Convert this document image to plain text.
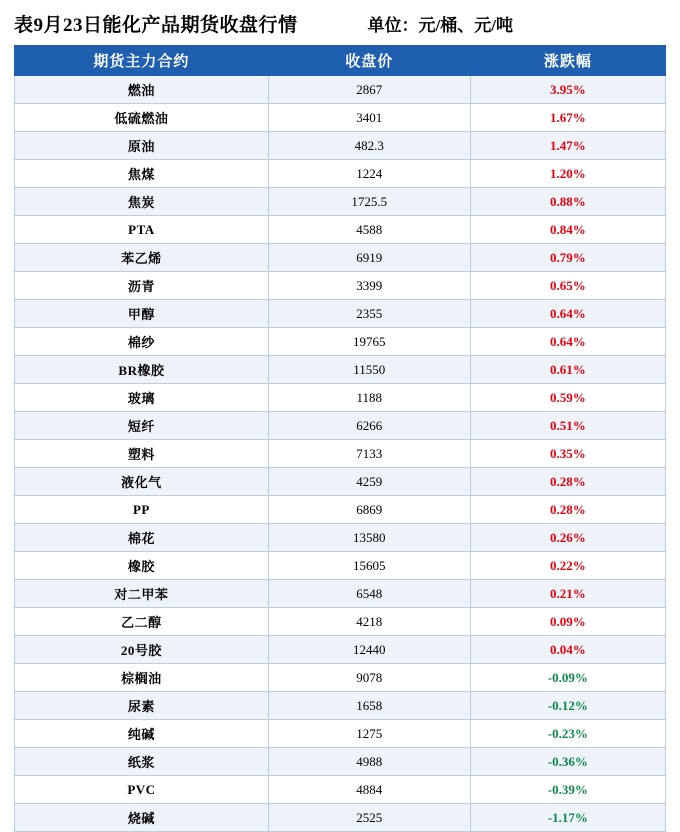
表9月23日能化产品期货收盘行情	单位：元/桶、元/吨
期货主力合约	收盘价	涨跌幅
燃油	2867	3.95%
低硫燃油	3401	1.67%
原油	482.3	1.47%
焦煤	1224	1.20%
焦炭	1725.5	0.88%
PTA	4588	0.84%
苯乙烯	6919	0.79%
沥青	3399	0.65%
甲醇	2355	0.64%
棉纱	19765	0.64%
BR橡胶	11550	0.61%
玻璃	1188	0.59%
短纤	6266	0.51%
塑料	7133	0.35%
液化气	4259	0.28%
PP	6869	0.28%
棉花	13580	0.26%
橡胶	15605	0.22%
对二甲苯	6548	0.21%
乙二醇	4218	0.09%
20号胶	12440	0.04%
棕榈油	9078	-0.09%
尿素	1658	-0.12%
纯碱	1275	-0.23%
纸浆	4988	-0.36%
PVC	4884	-0.39%
烧碱	2525	-1.17%
